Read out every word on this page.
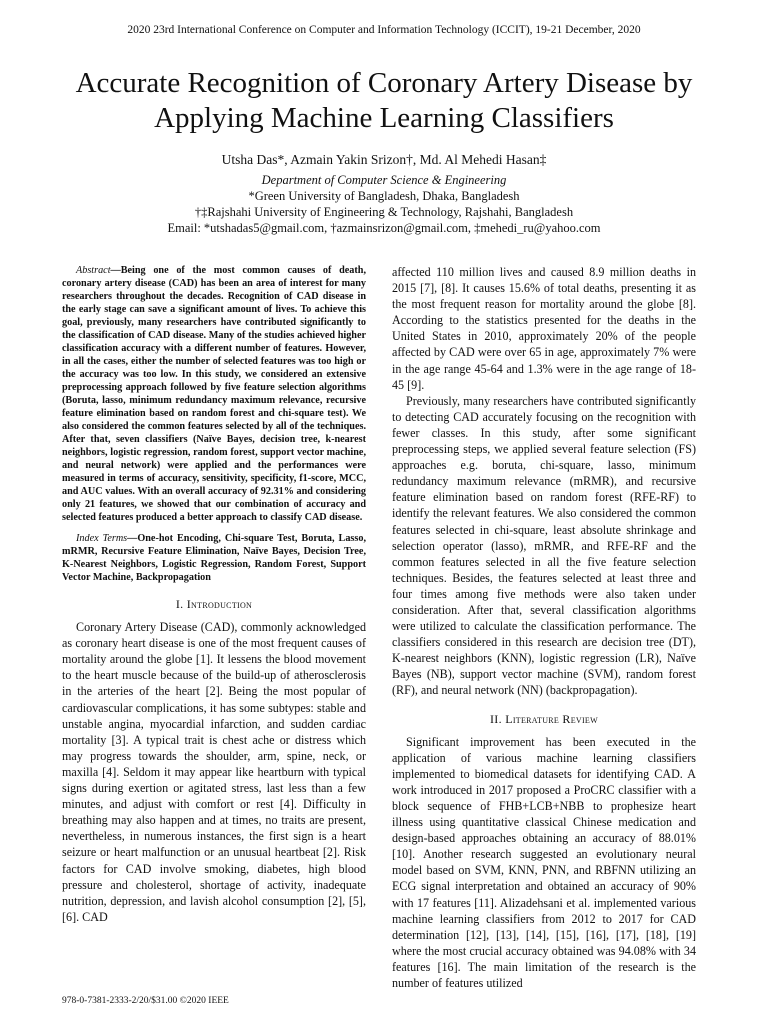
2020 23rd International Conference on Computer and Information Technology (ICCIT), 19-21 December, 2020
Accurate Recognition of Coronary Artery Disease by Applying Machine Learning Classifiers
Utsha Das*, Azmain Yakin Srizon†, Md. Al Mehedi Hasan‡
Department of Computer Science & Engineering
*Green University of Bangladesh, Dhaka, Bangladesh
†‡Rajshahi University of Engineering & Technology, Rajshahi, Bangladesh
Email: *utshadas5@gmail.com, †azmainsrizon@gmail.com, ‡mehedi_ru@yahoo.com

Abstract—Being one of the most common causes of death, coronary artery disease (CAD) has been an area of interest for many researchers throughout the decades. Recognition of CAD disease in the early stage can save a significant amount of lives. To achieve this goal, previously, many researchers have contributed significantly to the classification of CAD disease. Many of the studies achieved higher classification accuracy with a different number of features. However, in all the cases, either the number of selected features was too high or the accuracy was too low. In this study, we considered an extensive preprocessing approach followed by five feature selection algorithms (Boruta, lasso, minimum redundancy maximum relevance, recursive feature elimination based on random forest and chi-square test). We also considered the common features selected by all of the techniques. After that, seven classifiers (Naïve Bayes, decision tree, k-nearest neighbors, logistic regression, random forest, support vector machine, and neural network) were applied and the performances were measured in terms of accuracy, sensitivity, specificity, f1-score, MCC, and AUC values. With an overall accuracy of 92.31% and considering only 21 features, we showed that our combination of accuracy and selected features produced a better approach to classify CAD disease.

Index Terms—One-hot Encoding, Chi-square Test, Boruta, Lasso, mRMR, Recursive Feature Elimination, Naïve Bayes, Decision Tree, K-Nearest Neighbors, Logistic Regression, Random Forest, Support Vector Machine, Backpropagation

I. Introduction

Coronary Artery Disease (CAD), commonly acknowledged as coronary heart disease is one of the most frequent causes of mortality around the globe [1]. It lessens the blood movement to the heart muscle because of the build-up of atherosclerosis in the arteries of the heart [2]. Being the most popular of cardiovascular complications, it has some subtypes: stable and unstable angina, myocardial infarction, and sudden cardiac mortality [3]. A typical trait is chest ache or distress which may progress towards the shoulder, arm, spine, neck, or maxilla [4]. Seldom it may appear like heartburn with typical signs during exertion or agitated stress, last less than a few minutes, and adjust with comfort or rest [4]. Difficulty in breathing may also happen and at times, no traits are present, nevertheless, in numerous instances, the first sign is a heart seizure or heart malfunction or an unusual heartbeat [2]. Risk factors for CAD involve smoking, diabetes, high blood pressure and cholesterol, shortage of activity, inadequate nutrition, depression, and lavish alcohol consumption [2], [5], [6]. CAD

affected 110 million lives and caused 8.9 million deaths in 2015 [7], [8]. It causes 15.6% of total deaths, presenting it as the most frequent reason for mortality around the globe [8]. According to the statistics presented for the deaths in the United States in 2010, approximately 20% of the people affected by CAD were over 65 in age, approximately 7% were in the age range 45-64 and 1.3% were in the age range of 18-45 [9].

Previously, many researchers have contributed significantly to detecting CAD accurately focusing on the recognition with fewer classes. In this study, after some significant preprocessing steps, we applied several feature selection (FS) approaches e.g. boruta, chi-square, lasso, minimum redundancy maximum relevance (mRMR), and recursive feature elimination based on random forest (RFE-RF) to identify the relevant features. We also considered the common features selected in chi-square, least absolute shrinkage and selection operator (lasso), mRMR, and RFE-RF and the common features selected in all the five feature selection techniques. Besides, the features selected at least three and four times among five methods were also taken under consideration. After that, several classification algorithms were utilized to calculate the classification performance. The classifiers considered in this research are decision tree (DT), K-nearest neighbors (KNN), logistic regression (LR), Naïve Bayes (NB), support vector machine (SVM), random forest (RF), and neural network (NN) (backpropagation).

II. Literature Review

Significant improvement has been executed in the application of various machine learning classifiers implemented to biomedical datasets for identifying CAD. A work introduced in 2017 proposed a ProCRC classifier with a block sequence of FHB+LCB+NBB to prophesize heart illness using quantitative classical Chinese medication and design-based approaches obtaining an accuracy of 88.01% [10]. Another research suggested an evolutionary neural model based on SVM, KNN, PNN, and RBFNN utilizing an ECG signal interpretation and obtained an accuracy of 90% with 17 features [11]. Alizadehsani et al. implemented various machine learning classifiers from 2012 to 2017 for CAD determination [12], [13], [14], [15], [16], [17], [18], [19] where the most crucial accuracy obtained was 94.08% with 34 features [16]. The main limitation of the research is the number of features utilized

978-0-7381-2333-2/20/$31.00 ©2020 IEEE
